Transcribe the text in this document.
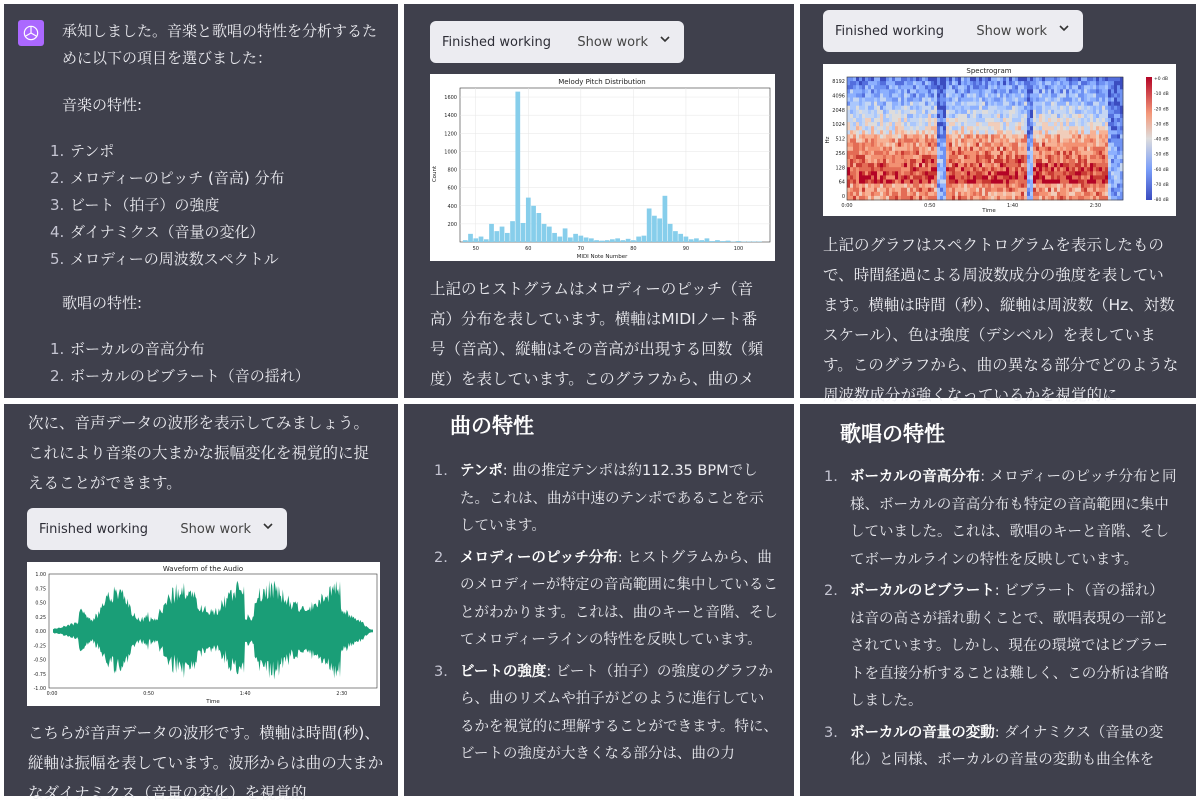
承知しました。音楽と歌唱の特性を分析するために以下の項目を選びました：
音楽の特性:
1. テンポ
2. メロディーのピッチ (音高) 分布
3. ビート（拍子）の強度
4. ダイナミクス（音量の変化）
5. メロディーの周波数スペクトル
歌唱の特性:
1. ボーカルの音高分布
2. ボーカルのビブラート（音の揺れ）
Finished working Show work
Melody Pitch Distribution
MIDI Note Number
Count
200
400
600
800
1000
1200
1400
1600
50	60	70	80	90	100
上記のヒストグラムはメロディーのピッチ（音高）分布を表しています。横軸はMIDIノート番号（音高）、縦軸はその音高が出現する回数（頻度）を表しています。このグラフから、曲のメ
Finished working Show work
Spectrogram
Time
Hz
8192
4096
2048
1024
512
256
128
64
0
0:00	0:50	1:40	2:30
+0 dB
-10 dB
-20 dB
-30 dB
-40 dB
-50 dB
-60 dB
-70 dB
-80 dB
上記のグラフはスペクトログラムを表示したもので、時間経過による周波数成分の強度を表しています。横軸は時間（秒）、縦軸は周波数（Hz、対数スケール）、色は強度（デシベル）を表しています。このグラフから、曲の異なる部分でどのような周波数成分が強くなっているかを視覚的に
次に、音声データの波形を表示してみましょう。これにより音楽の大まかな振幅変化を視覚的に捉えることができます。
Finished working Show work
Waveform of the Audio
Time
1.00
0.75
0.50
0.25
0.00
-0.25
-0.50
-0.75
-1.00
0:00	0:50	1:40	2:30
こちらが音声データの波形です。横軸は時間(秒)、縦軸は振幅を表しています。波形からは曲の大まかなダイナミクス（音量の変化）を視覚的
曲の特性
1. テンポ: 曲の推定テンポは約112.35 BPMでした。これは、曲が中速のテンポであることを示しています。
2. メロディーのピッチ分布: ヒストグラムから、曲のメロディーが特定の音高範囲に集中していることがわかります。これは、曲のキーと音階、そしてメロディーラインの特性を反映しています。
3. ビートの強度: ビート（拍子）の強度のグラフから、曲のリズムや拍子がどのように進行しているかを視覚的に理解することができます。特に、ビートの強度が大きくなる部分は、曲の力
歌唱の特性
1. ボーカルの音高分布: メロディーのピッチ分布と同様、ボーカルの音高分布も特定の音高範囲に集中していました。これは、歌唱のキーと音階、そしてボーカルラインの特性を反映しています。
2. ボーカルのビブラート: ビブラート（音の揺れ）は音の高さが揺れ動くことで、歌唱表現の一部とされています。しかし、現在の環境ではビブラートを直接分析することは難しく、この分析は省略しました。
3. ボーカルの音量の変動: ダイナミクス（音量の変化）と同様、ボーカルの音量の変動も曲全体を
